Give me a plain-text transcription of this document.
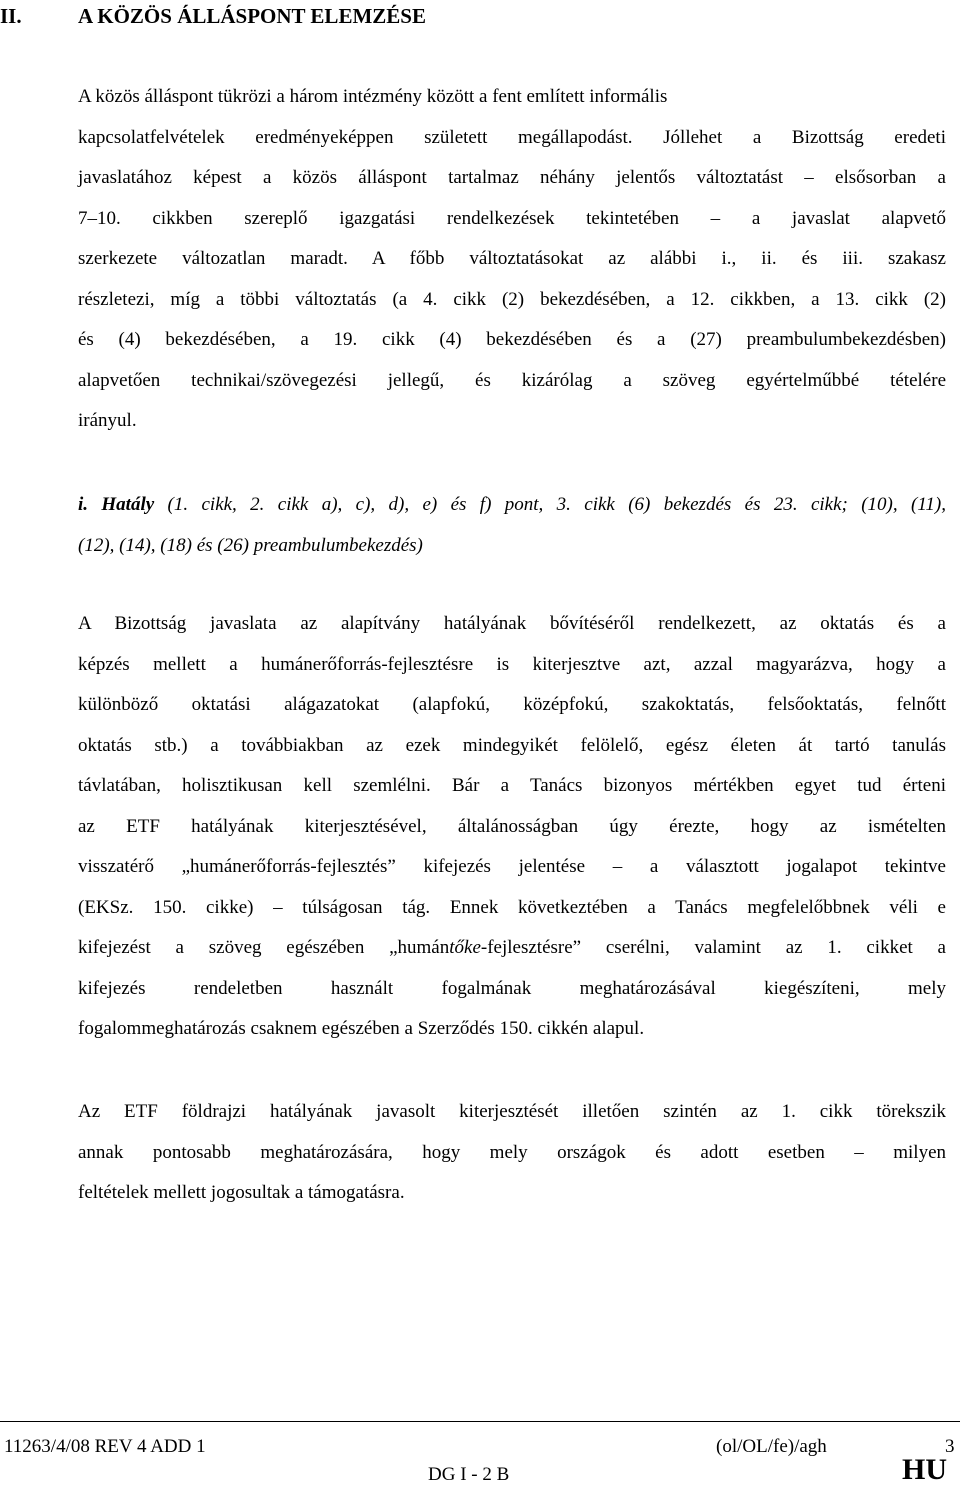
II.	A KÖZÖS ÁLLÁSPONT ELEMZÉSE
A közös álláspont tükrözi a három intézmény között a fent említett informális
kapcsolatfelvételek eredményeképpen született megállapodást. Jóllehet a Bizottság eredeti
javaslatához képest a közös álláspont tartalmaz néhány jelentős változtatást – elsősorban a
7–10. cikkben szereplő igazgatási rendelkezések tekintetében – a javaslat alapvető
szerkezete változatlan maradt. A főbb változtatásokat az alábbi i., ii. és iii. szakasz
részletezi, míg a többi változtatás (a 4. cikk (2) bekezdésében, a 12. cikkben, a 13. cikk (2)
és (4) bekezdésében, a 19. cikk (4) bekezdésében és a (27) preambulumbekezdésben)
alapvetően technikai/szövegezési jellegű, és kizárólag a szöveg egyértelműbbé tételére
irányul.
i. Hatály (1. cikk, 2. cikk a), c), d), e) és f) pont, 3. cikk (6) bekezdés és 23. cikk; (10), (11),
(12), (14), (18) és (26) preambulumbekezdés)
A Bizottság javaslata az alapítvány hatályának bővítéséről rendelkezett, az oktatás és a
képzés mellett a humánerőforrás-fejlesztésre is kiterjesztve azt, azzal magyarázva, hogy a
különböző oktatási alágazatokat (alapfokú, középfokú, szakoktatás, felsőoktatás, felnőtt
oktatás stb.) a továbbiakban az ezek mindegyikét felölelő, egész életen át tartó tanulás
távlatában, holisztikusan kell szemlélni. Bár a Tanács bizonyos mértékben egyet tud érteni
az ETF hatályának kiterjesztésével, általánosságban úgy érezte, hogy az ismételten
visszatérő „humánerőforrás-fejlesztés” kifejezés jelentése – a választott jogalapot tekintve
(EKSz. 150. cikke) – túlságosan tág. Ennek következtében a Tanács megfelelőbbnek véli e
kifejezést a szöveg egészében „humántőke-fejlesztésre” cserélni, valamint az 1. cikket a
kifejezés rendeletben használt fogalmának meghatározásával kiegészíteni, mely
fogalommeghatározás csaknem egészében a Szerződés 150. cikkén alapul.
Az ETF földrajzi hatályának javasolt kiterjesztését illetően szintén az 1. cikk törekszik
annak pontosabb meghatározására, hogy mely országok és adott esetben – milyen
feltételek mellett jogosultak a támogatásra.
11263/4/08 REV 4 ADD 1	(ol/OL/fe)/agh	3
DG I - 2 B	HU
